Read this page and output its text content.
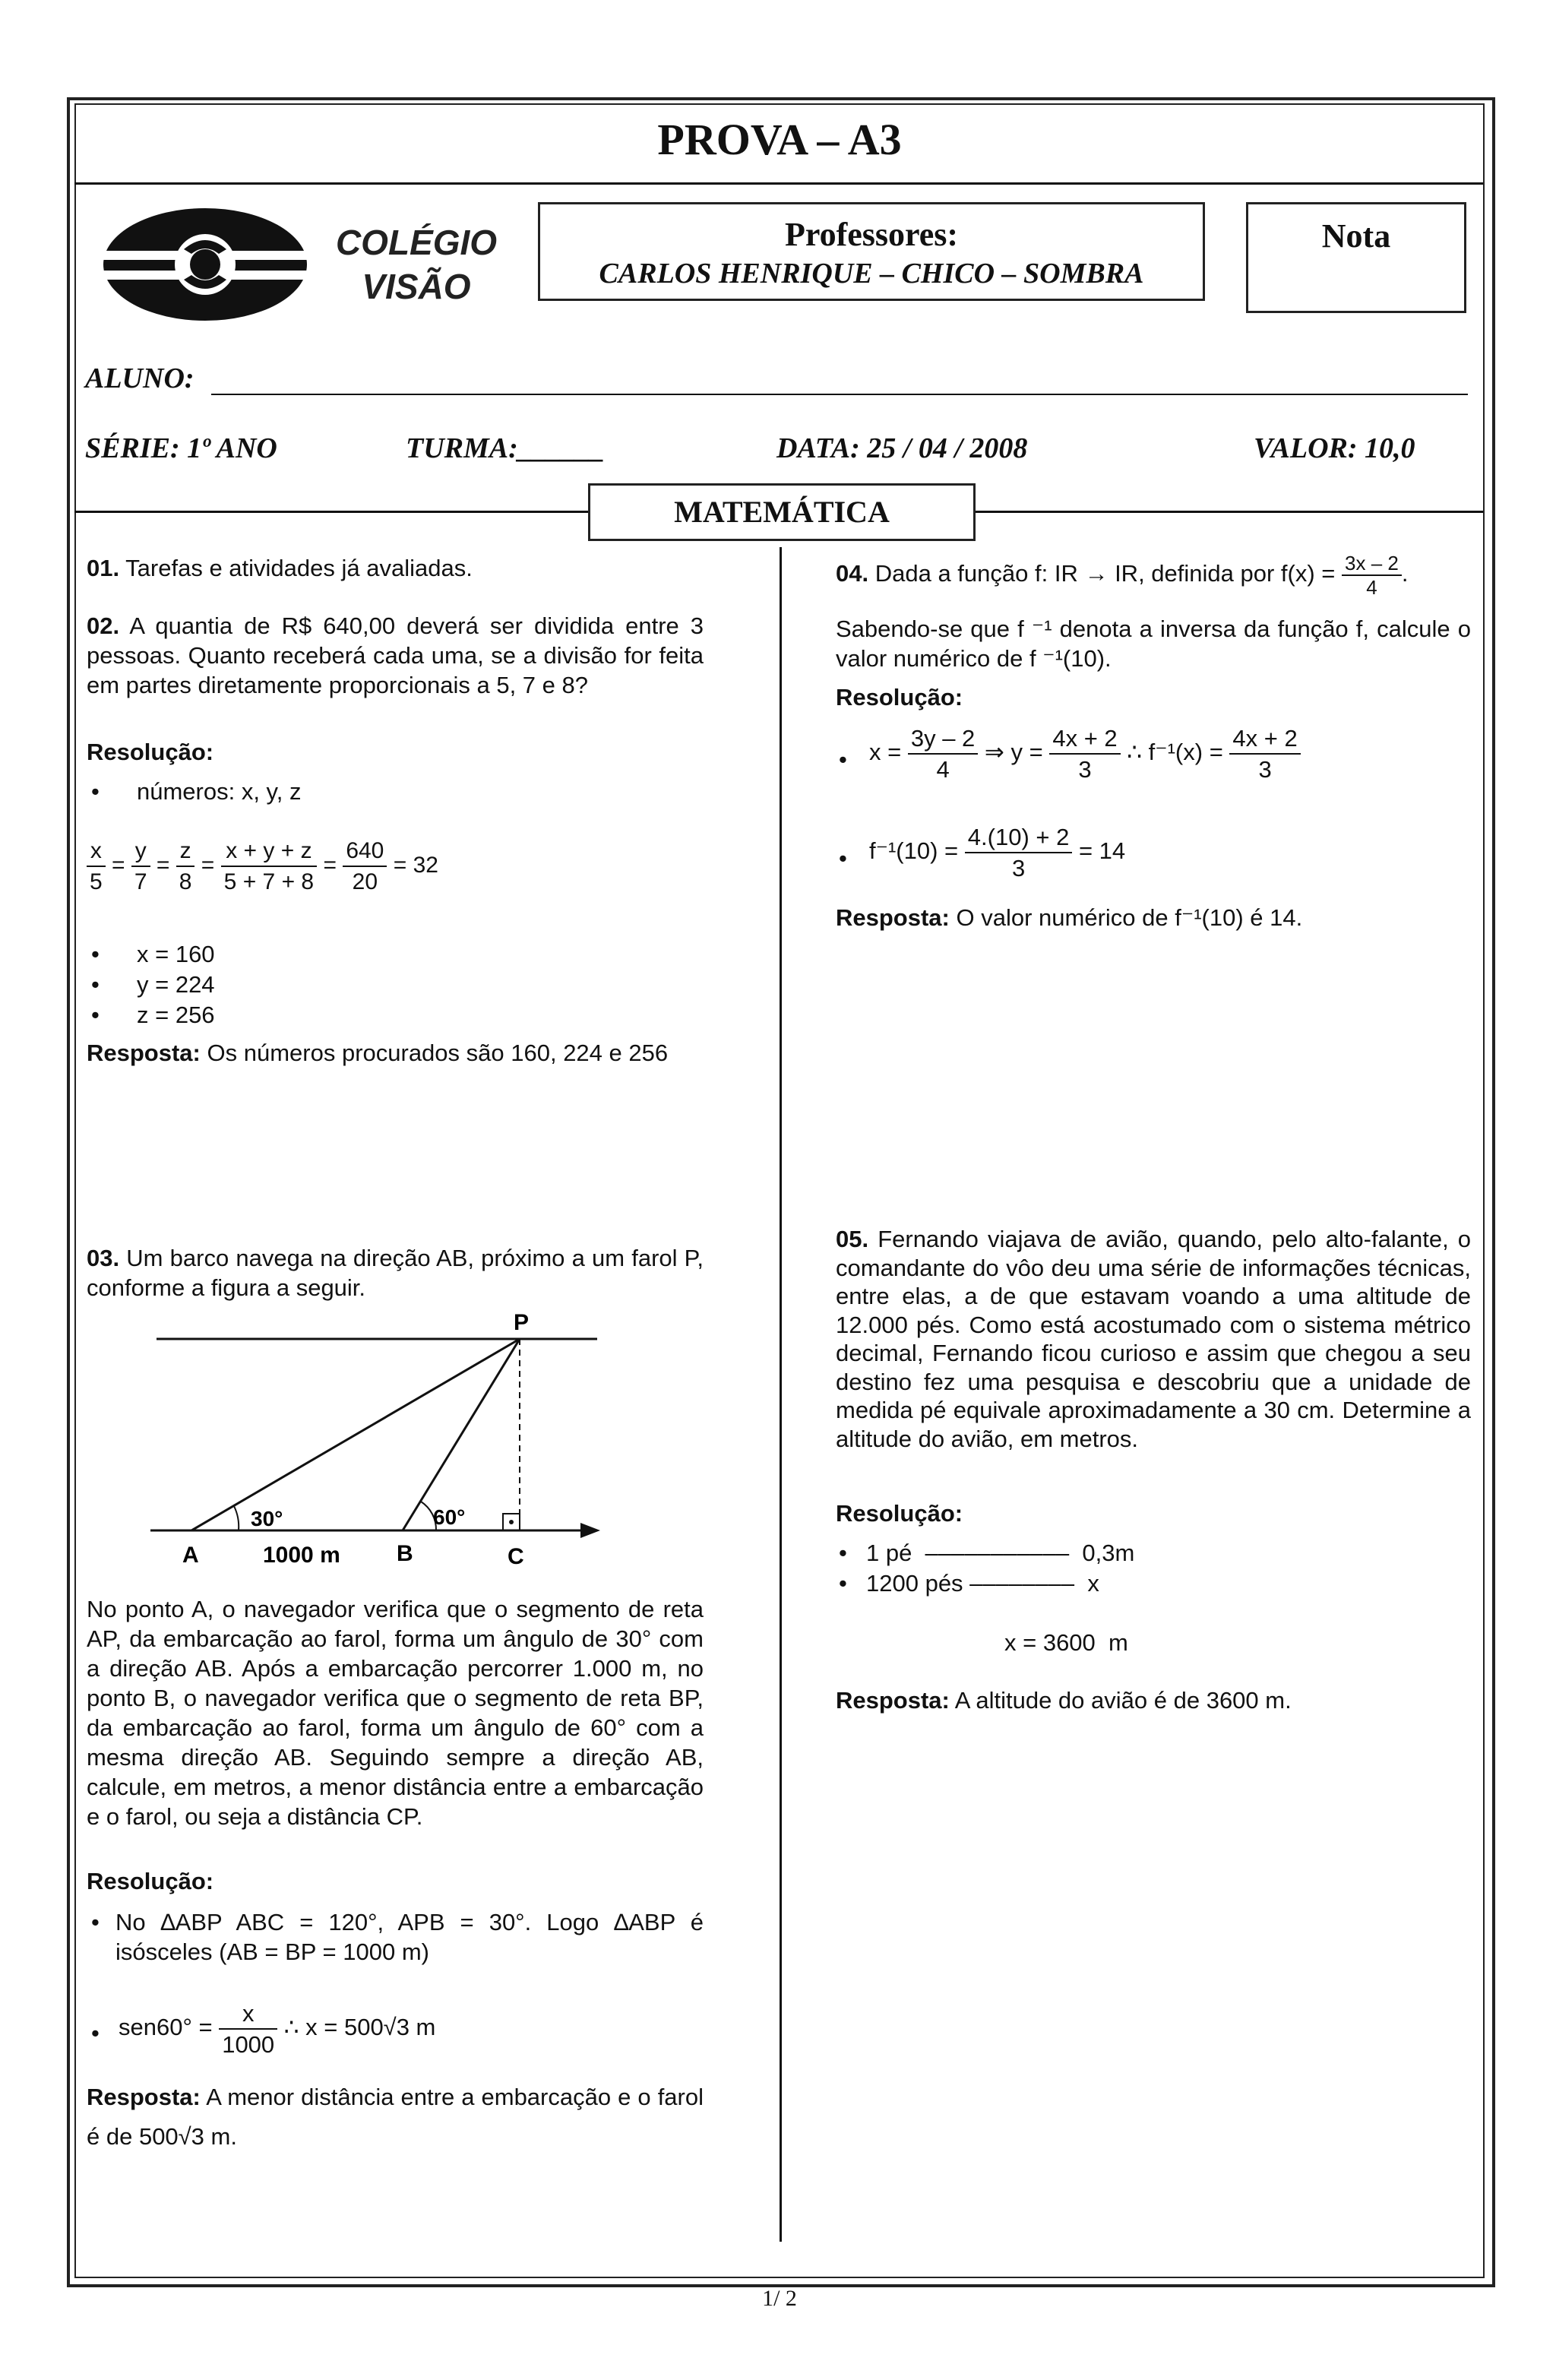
PROVA – A3
COLÉGIO
VISÃO
Professores:
CARLOS HENRIQUE – CHICO – SOMBRA
Nota
ALUNO:
SÉRIE: 1º ANO	TURMA:______	DATA: 25 / 04 / 2008	VALOR: 10,0
MATEMÁTICA
01. Tarefas e atividades já avaliadas.
02. A quantia de R$ 640,00 deverá ser dividida entre 3 pessoas. Quanto receberá cada uma, se a divisão for feita em partes diretamente proporcionais a 5, 7 e 8?
Resolução:
• números: x, y, z
$\frac{x}{5} = \frac{y}{7} = \frac{z}{8} = \frac{x + y + z}{5 + 7 + 8} = \frac{640}{20} = 32$
• x = 160
• y = 224
• z = 256
Resposta: Os números procurados são 160, 224 e 256
03. Um barco navega na direção AB, próximo a um farol P, conforme a figura a seguir.
P
A	B	C
30°	60°
1000 m
No ponto A, o navegador verifica que o segmento de reta AP, da embarcação ao farol, forma um ângulo de 30° com a direção AB. Após a embarcação percorrer 1.000 m, no ponto B, o navegador verifica que o segmento de reta BP, da embarcação ao farol, forma um ângulo de 60° com a mesma direção AB. Seguindo sempre a direção AB, calcule, em metros, a menor distância entre a embarcação e o farol, ou seja a distância CP.
Resolução:
• No ∆ABP ABC = 120°, APB = 30°. Logo ∆ABP é isósceles (AB = BP = 1000 m)
• $sen60^\circ = \frac{x}{1000}$ ∴ x = 500√3 m
Resposta: A menor distância entre a embarcação e o farol é de 500√3 m.
04. Dada a função f: IR → IR, definida por $f(x) = \frac{3x - 2}{4}$ .
Sabendo-se que f ⁻¹ denota a inversa da função f, calcule o valor numérico de f ⁻¹(10).
Resolução:
• $x = \frac{3y - 2}{4}$ ⇒ $y = \frac{4x + 2}{3}$ ∴ $f^{-1}(x) = \frac{4x + 2}{3}$
• $f^{-1}(10) = \frac{4.(10) + 2}{3} = 14$
Resposta: O valor numérico de f⁻¹(10) é 14.
05. Fernando viajava de avião, quando, pelo alto-falante, o comandante do vôo deu uma série de informações técnicas, entre elas, a de que estavam voando a uma altitude de 12.000 pés. Como está acostumado com o sistema métrico decimal, Fernando ficou curioso e assim que chegou a seu destino fez uma pesquisa e descobriu que a unidade de medida pé equivale aproximadamente a 30 cm. Determine a altitude do avião, em metros.
Resolução:
• 1 pé  –––––––––––  0,3m
• 1200 pés ––––––––  x
x = 3600  m
Resposta: A altitude do avião é de 3600 m.
1/ 2
